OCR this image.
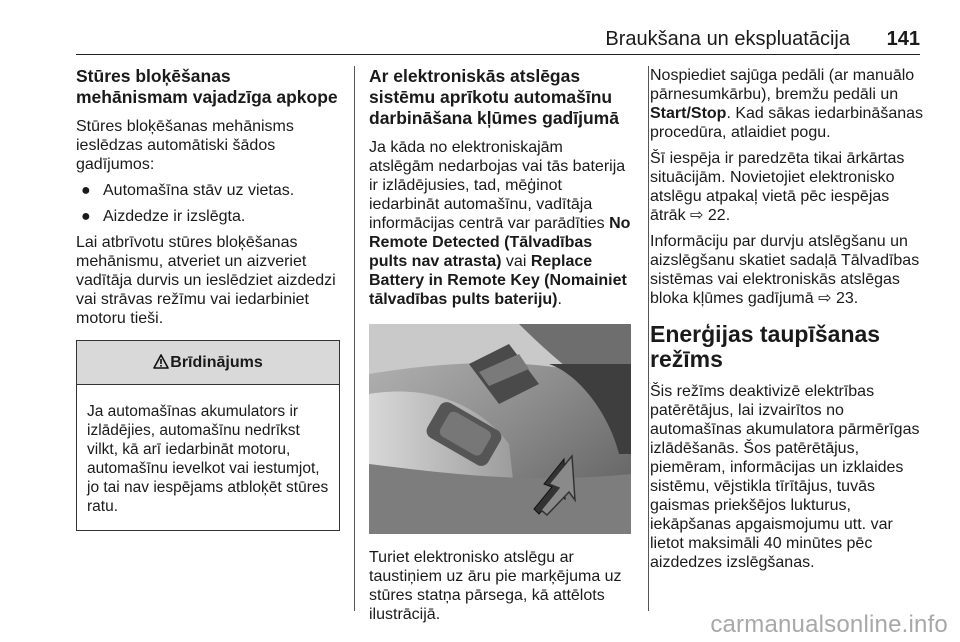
Braukšana un ekspluatācija 141
Stūres bloķēšanas mehānismam vajadzīga apkope

Stūres bloķēšanas mehānisms ieslēdzas automātiski šādos gadījumos:

● Automašīna stāv uz vietas.
● Aizdedze ir izslēgta.

Lai atbrīvotu stūres bloķēšanas mehānismu, atveriet un aizveriet vadītāja durvis un ieslēdziet aizdedzi vai strāvas režīmu vai iedarbiniet motoru tieši.

Brīdinājums
Ja automašīnas akumulators ir izlādējies, automašīnu nedrīkst vilkt, kā arī iedarbināt motoru, automašīnu ievelkot vai iestumjot, jo tai nav iespējams atbloķēt stūres ratu.
Ar elektroniskās atslēgas sistēmu aprīkotu automašīnu darbināšana kļūmes gadījumā

Ja kāda no elektroniskajām atslēgām nedarbojas vai tās baterija ir izlādējusies, tad, mēģinot iedarbināt automašīnu, vadītāja informācijas centrā var parādīties No Remote Detected (Tālvadības pults nav atrasta) vai Replace Battery in Remote Key (Nomainiet tālvadības pults bateriju).

Turiet elektronisko atslēgu ar taustiņiem uz āru pie marķējuma uz stūres statņa pārsega, kā attēlots ilustrācijā.

Nospiediet sajūga pedāli (ar manuālo pārnesumkārbu), bremžu pedāli un Start/Stop. Kad sākas iedarbināšanas procedūra, atlaidiet pogu.

Šī iespēja ir paredzēta tikai ārkārtas situācijām. Novietojiet elektronisko atslēgu atpakaļ vietā pēc iespējas ātrāk ⇨ 22.

Informāciju par durvju atslēgšanu un aizslēgšanu skatiet sadaļā Tālvadības sistēmas vai elektroniskās atslēgas bloka kļūmes gadījumā ⇨ 23.

Enerģijas taupīšanas režīms

Šis režīms deaktivizē elektrības patērētājus, lai izvairītos no automašīnas akumulatora pārmērīgas izlādēšanās. Šos patērētājus, piemēram, informācijas un izklaides sistēmu, vējstikla tīrītājus, tuvās gaismas priekšējos lukturus, iekāpšanas apgaismojumu utt. var lietot maksimāli 40 minūtes pēc aizdedzes izslēgšanas.

carmanualsonline.info
